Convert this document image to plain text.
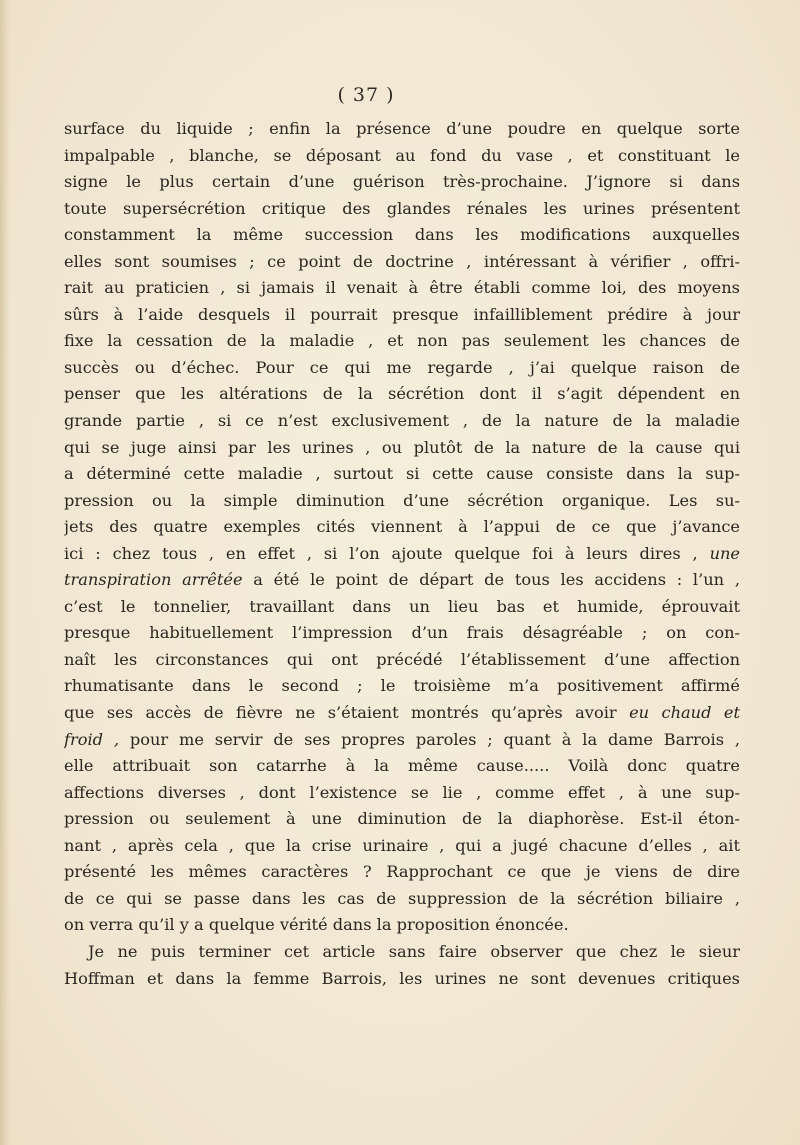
( 37 )
surface du liquide ; enfin la présence d’une poudre en quelque sorte
impalpable , blanche, se déposant au fond du vase , et constituant le
signe le plus certain d’une guérison très-prochaine. J’ignore si dans
toute supersécrétion critique des glandes rénales les urines présentent
constamment la même succession dans les modifications auxquelles
elles sont soumises ; ce point de doctrine , intéressant à vérifier , offri-
rait au praticien , si jamais il venait à être établi comme loi, des moyens
sûrs à l’aide desquels il pourrait presque infailliblement prédire à jour
fixe la cessation de la maladie , et non pas seulement les chances de
succès ou d’échec. Pour ce qui me regarde , j’ai quelque raison de
penser que les altérations de la sécrétion dont il s’agit dépendent en
grande partie , si ce n’est exclusivement , de la nature de la maladie
qui se juge ainsi par les urines , ou plutôt de la nature de la cause qui
a déterminé cette maladie , surtout si cette cause consiste dans la sup-
pression ou la simple diminution d’une sécrétion organique. Les su-
jets des quatre exemples cités viennent à l’appui de ce que j’avance
ici : chez tous , en effet , si l’on ajoute quelque foi à leurs dires , une
transpiration arrêtée a été le point de départ de tous les accidens : l’un ,
c’est le tonnelier, travaillant dans un lieu bas et humide, éprouvait
presque habituellement l’impression d’un frais désagréable ; on con-
naît les circonstances qui ont précédé l’établissement d’une affection
rhumatisante dans le second ; le troisième m’a positivement affirmé
que ses accès de fièvre ne s’étaient montrés qu’après avoir eu chaud et
froid , pour me servir de ses propres paroles ; quant à la dame Barrois ,
elle attribuait son catarrhe à la même cause..... Voilà donc quatre
affections diverses , dont l’existence se lie , comme effet , à une sup-
pression ou seulement à une diminution de la diaphorèse. Est-il éton-
nant , après cela , que la crise urinaire , qui a jugé chacune d’elles , ait
présenté les mêmes caractères ? Rapprochant ce que je viens de dire
de ce qui se passe dans les cas de suppression de la sécrétion biliaire ,
on verra qu’il y a quelque vérité dans la proposition énoncée.
Je ne puis terminer cet article sans faire observer que chez le sieur
Hoffman et dans la femme Barrois, les urines ne sont devenues critiques
